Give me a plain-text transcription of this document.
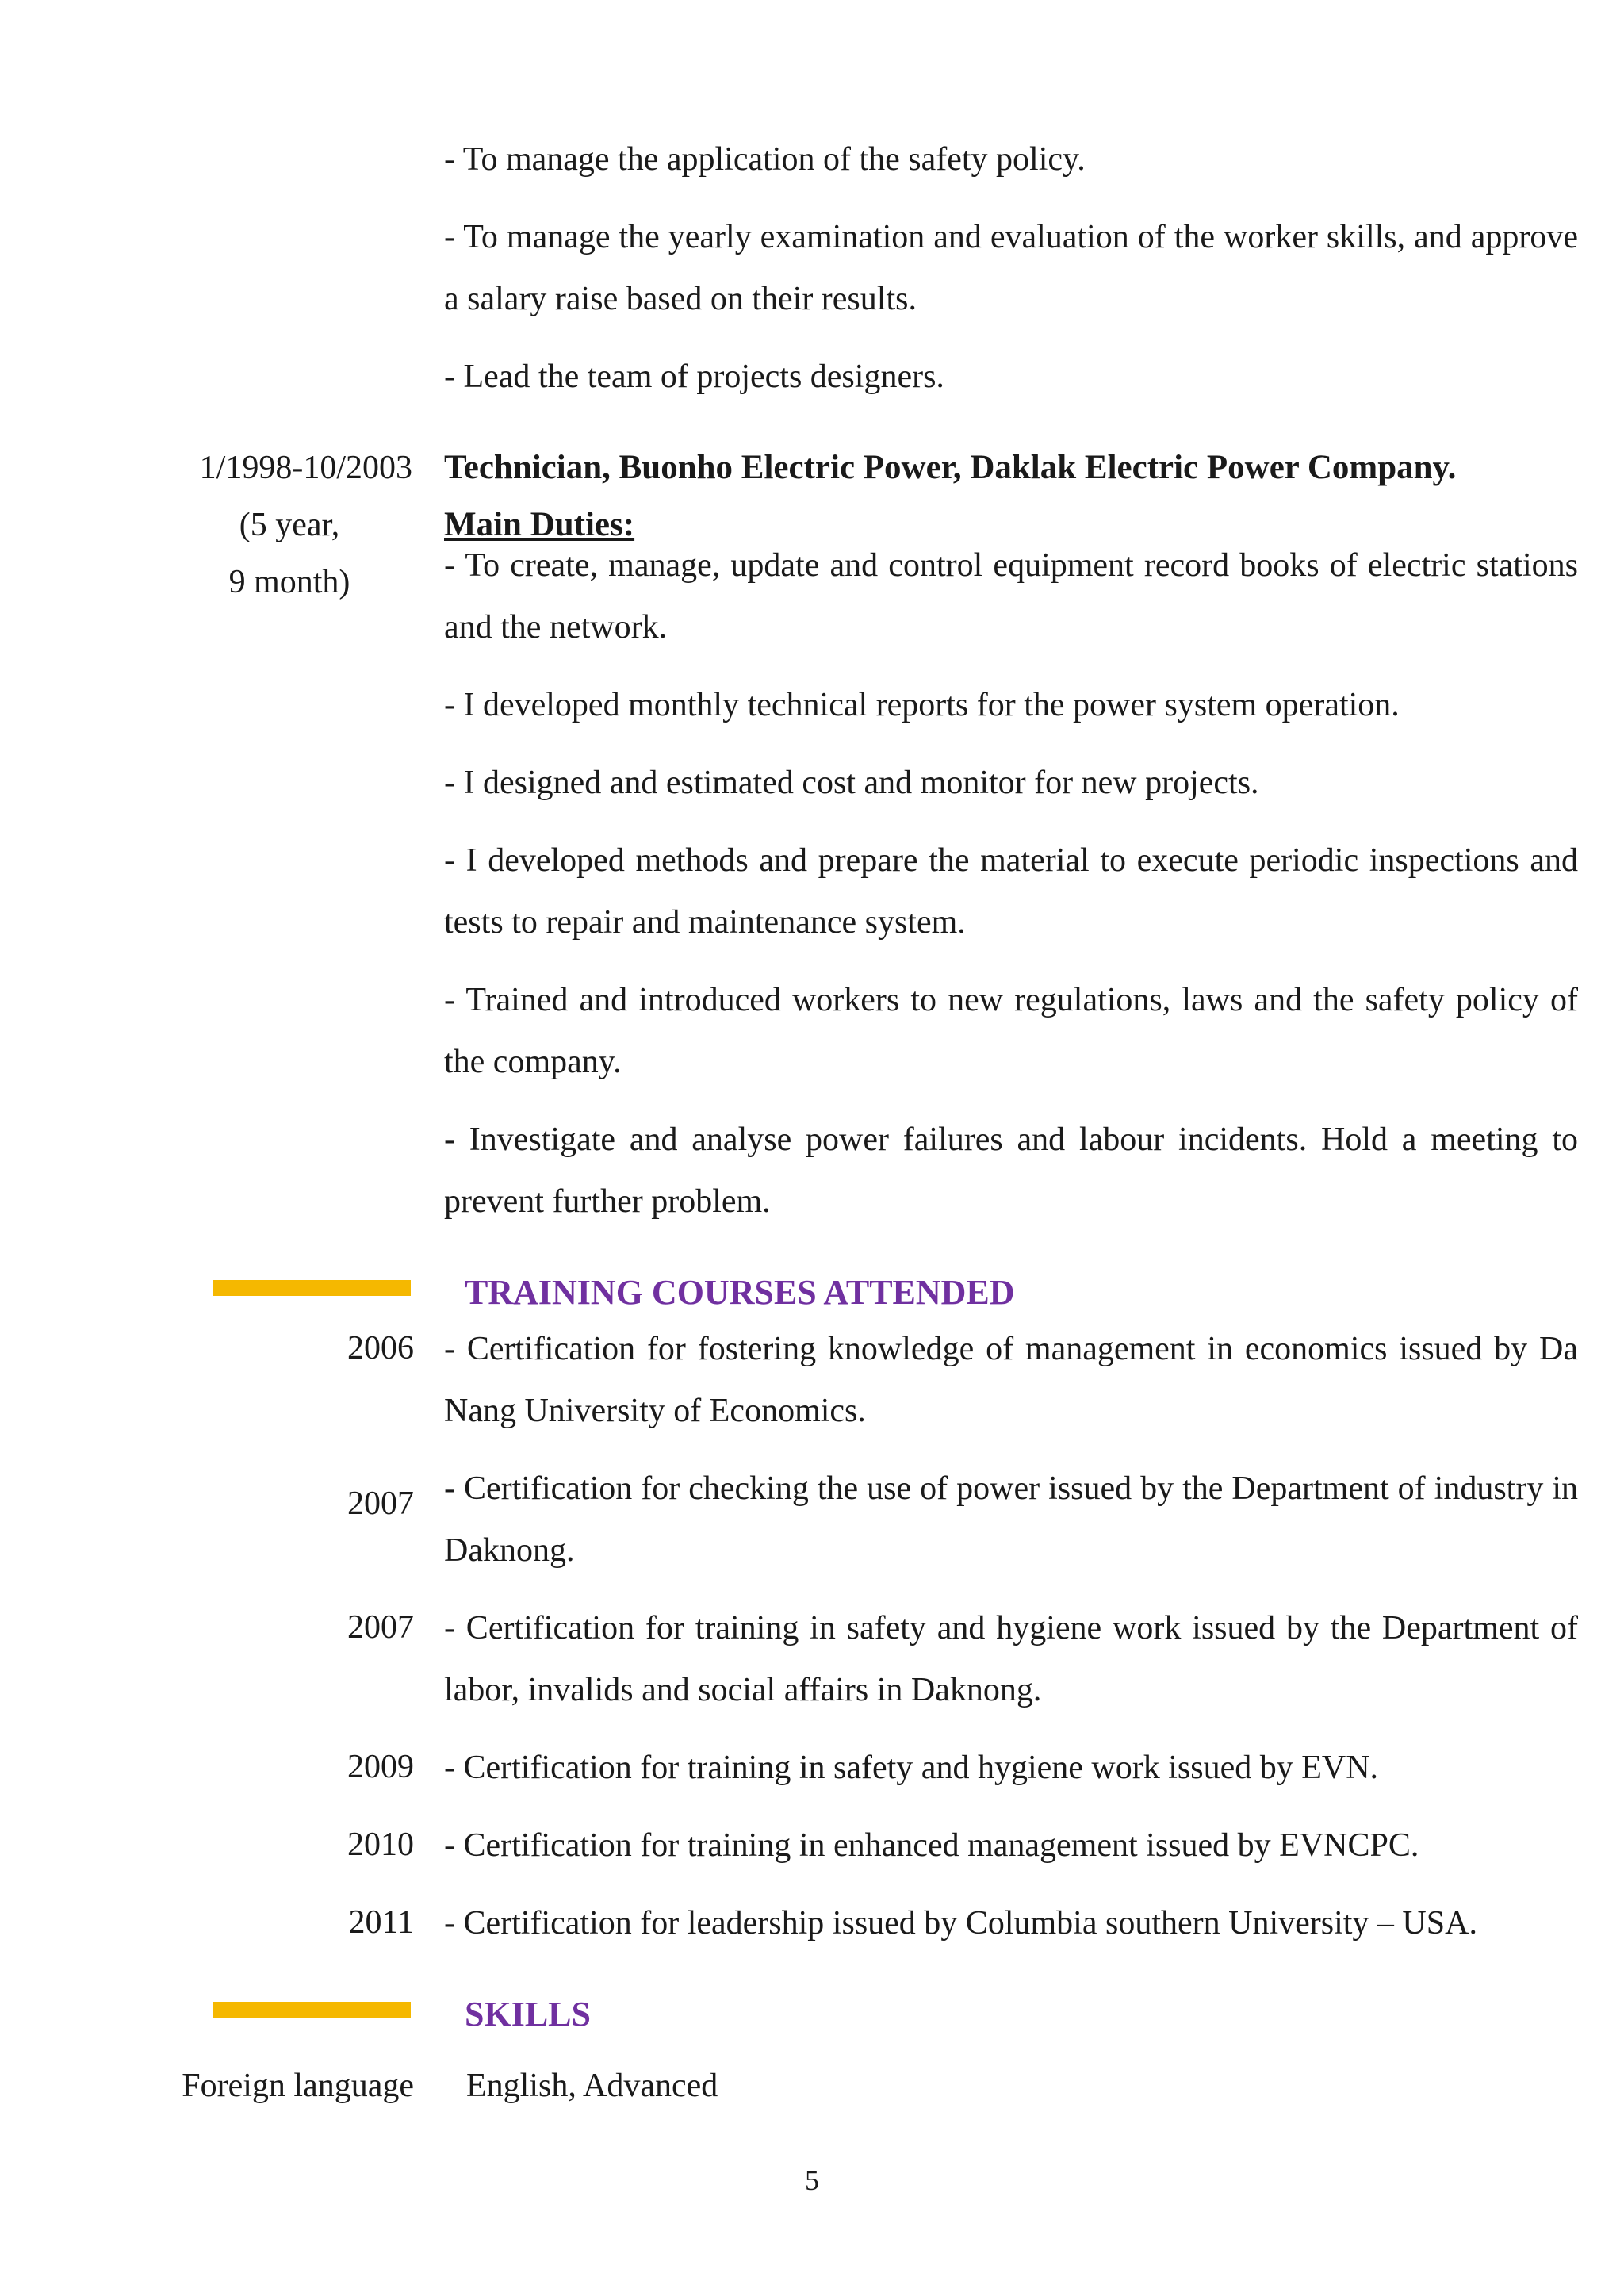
- To manage the application of the safety policy.
- To manage the yearly examination and evaluation of the worker skills, and approve a salary raise based on their results.
- Lead the team of projects designers.
1/1998-10/2003
(5 year,
9 month)
Technician, Buonho Electric Power, Daklak Electric Power Company.
Main Duties:
- To create, manage, update and control equipment record books of electric stations and the network.
- I developed monthly technical reports for the power system operation.
- I designed and estimated cost and monitor for new projects.
- I developed methods and prepare the material to execute periodic inspections and tests to repair and maintenance system.
- Trained and introduced workers to new regulations, laws and the safety policy of the company.
- Investigate and analyse power failures and labour incidents. Hold a meeting to prevent further problem.
TRAINING COURSES ATTENDED
2006 - Certification for fostering knowledge of management in economics issued by Da Nang University of Economics.
2007 - Certification for checking the use of power issued by the Department of industry in Daknong.
2007 - Certification for training in safety and hygiene work issued by the Department of labor, invalids and social affairs in Daknong.
2009 - Certification for training in safety and hygiene work issued by EVN.
2010 - Certification for training in enhanced management issued by EVNCPC.
2011 - Certification for leadership issued by Columbia southern University – USA.
SKILLS
Foreign language English, Advanced
5
